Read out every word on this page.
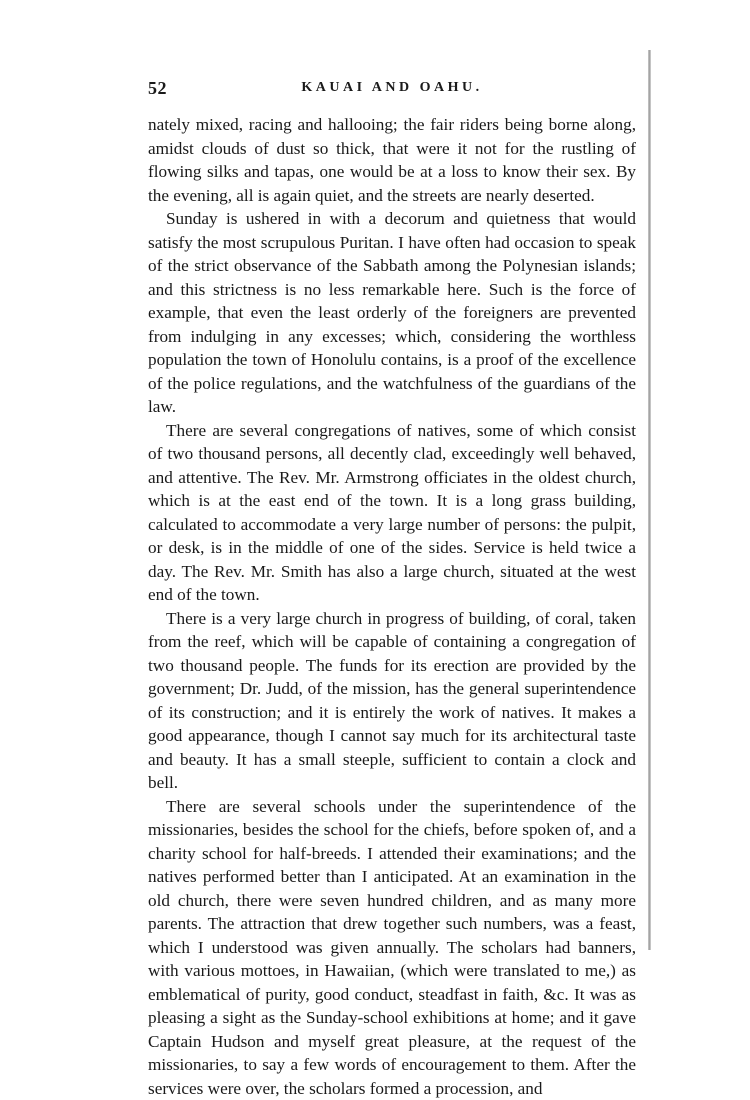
52	KAUAI AND OAHU.

nately mixed, racing and hallooing; the fair riders being borne along, amidst clouds of dust so thick, that were it not for the rustling of flowing silks and tapas, one would be at a loss to know their sex. By the evening, all is again quiet, and the streets are nearly deserted.

Sunday is ushered in with a decorum and quietness that would satisfy the most scrupulous Puritan. I have often had occasion to speak of the strict observance of the Sabbath among the Polynesian islands; and this strictness is no less remarkable here. Such is the force of example, that even the least orderly of the foreigners are prevented from indulging in any excesses; which, considering the worthless population the town of Honolulu contains, is a proof of the excellence of the police regulations, and the watchfulness of the guardians of the law.

There are several congregations of natives, some of which consist of two thousand persons, all decently clad, exceedingly well behaved, and attentive. The Rev. Mr. Armstrong officiates in the oldest church, which is at the east end of the town. It is a long grass building, calculated to accommodate a very large number of persons: the pulpit, or desk, is in the middle of one of the sides. Service is held twice a day. The Rev. Mr. Smith has also a large church, situated at the west end of the town.

There is a very large church in progress of building, of coral, taken from the reef, which will be capable of containing a congregation of two thousand people. The funds for its erection are provided by the government; Dr. Judd, of the mission, has the general superintendence of its construction; and it is entirely the work of natives. It makes a good appearance, though I cannot say much for its architectural taste and beauty. It has a small steeple, sufficient to contain a clock and bell.

There are several schools under the superintendence of the missionaries, besides the school for the chiefs, before spoken of, and a charity school for half-breeds. I attended their examinations; and the natives performed better than I anticipated. At an examination in the old church, there were seven hundred children, and as many more parents. The attraction that drew together such numbers, was a feast, which I understood was given annually. The scholars had banners, with various mottoes, in Hawaiian, (which were translated to me,) as emblematical of purity, good conduct, steadfast in faith, &c. It was as pleasing a sight as the Sunday-school exhibitions at home; and it gave Captain Hudson and myself great pleasure, at the request of the missionaries, to say a few words of encouragement to them. After the services were over, the scholars formed a procession, and
